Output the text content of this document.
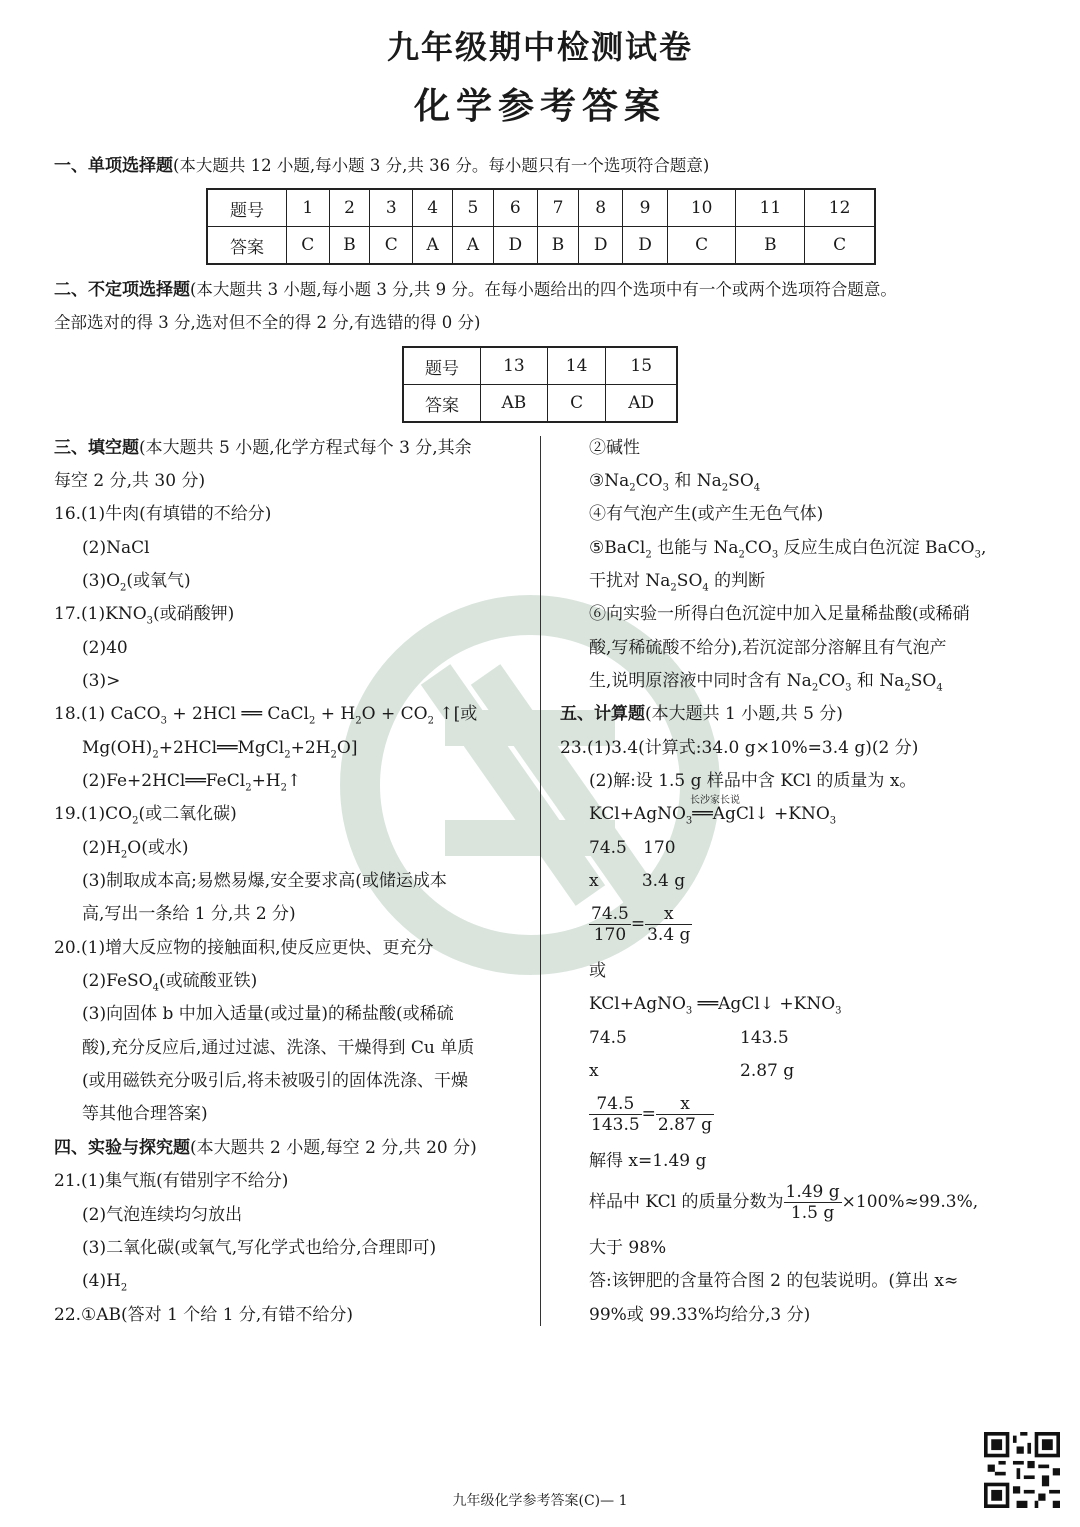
九年级期中检测试卷
化学参考答案
一、单项选择题(本大题共 12 小题,每小题 3 分,共 36 分。每小题只有一个选项符合题意)
题号	1	2	3	4	5	6	7	8	9	10	11	12
答案	C	B	C	A	A	D	B	D	D	C	B	C
二、不定项选择题(本大题共 3 小题,每小题 3 分,共 9 分。在每小题给出的四个选项中有一个或两个选项符合题意。
全部选对的得 3 分,选对但不全的得 2 分,有选错的得 0 分)
题号	13	14	15
答案	AB	C	AD
三、填空题(本大题共 5 小题,化学方程式每个 3 分,其余
每空 2 分,共 30 分)
16.(1)牛肉(有填错的不给分)
(2)NaCl
$(3)O_2$(或氧气)
$17.(1)KNO_3$(或硝酸钾)
(2)40
(3)>
18.(1) CaCO$_3$ + 2HCl ══ CaCl$_2$ + $H_2O + CO_2$ ↑[或
$Mg(OH)_2+2HCl══MgCl_2+2H_2O$]
$(2)Fe+2HCl══FeCl_2+H_2↑$
$19.(1)CO_2$(或二氧化碳)
$(2)H_2O$(或水)
(3)制取成本高;易燃易爆,安全要求高(或储运成本
高,写出一条给 1 分,共 2 分)
20.(1)增大反应物的接触面积,使反应更快、更充分
(2)FeSO$_4$(或硫酸亚铁)
(3)向固体 b 中加入适量(或过量)的稀盐酸(或稀硫
酸),充分反应后,通过过滤、洗涤、干燥得到 Cu 单质
(或用磁铁充分吸引后,将未被吸引的固体洗涤、干燥
等其他合理答案)
四、实验与探究题(本大题共 2 小题,每空 2 分,共 20 分)
21.(1)集气瓶(有错别字不给分)
(2)气泡连续均匀放出
(3)二氧化碳(或氧气,写化学式也给分,合理即可)
$(4)H_2$
22.①AB(答对 1 个给 1 分,有错不给分)
②碱性
$③Na_2CO_3$ 和 $Na_2SO_4$
④有气泡产生(或产生无色气体)
⑤BaCl$_2$ 也能与 $Na_2CO_3$ 反应生成白色沉淀 BaCO$_3$,
干扰对 $Na_2SO_4$ 的判断
⑥向实验一所得白色沉淀中加入足量稀盐酸(或稀硝
酸,写稀硫酸不给分),若沉淀部分溶解且有气泡产
生,说明原溶液中同时含有 $Na_2CO_3$ 和 $Na_2SO_4$
五、计算题(本大题共 1 小题,共 5 分)
23.(1)3.4(计算式:34.0 g×10%=3.4 g)(2 分)
(2)解:设 1.5 g 样品中含 KCl 的质量为 x。
KCl+AgNO$_3$══AgCl↓ $+KNO_3$
长沙家长说
74.5   170
x        3.4 g
$\frac{74.5}{170} = \frac{x}{3.4 g}$
或
KCl+AgNO$_3$ ══AgCl↓ $+KNO_3$
74.5	143.5
x	2.87 g
$\frac{74.5}{143.5} = \frac{x}{2.87 g}$
解得 x=1.49 g
样品中 KCl 的质量分数为 $\frac{1.49 g}{1.5 g} \times 100\%\approx 99.3\%$,
大于 98%
答:该钾肥的含量符合图 2 的包装说明。(算出 x≈
99%或 99.33%均给分,3 分)
九年级化学参考答案(C)— 1
